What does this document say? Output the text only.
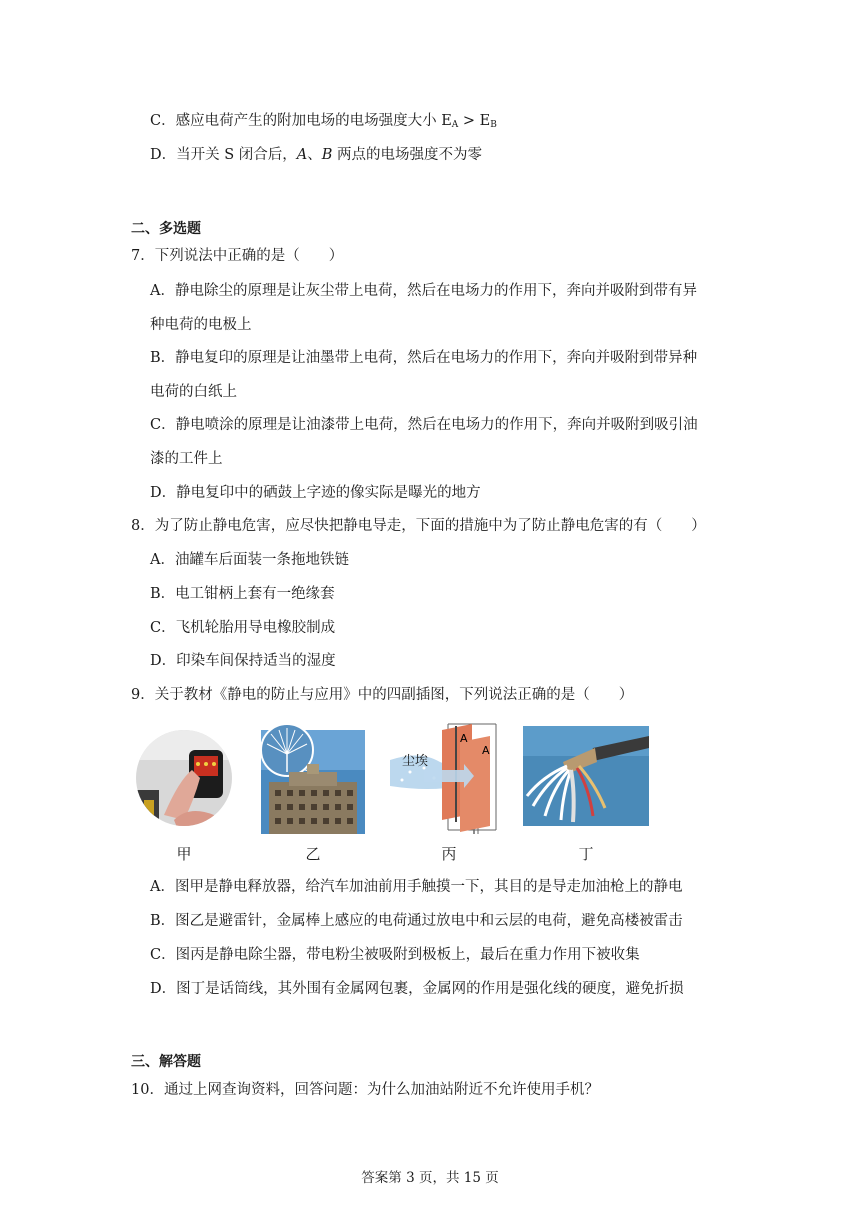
C．感应电荷产生的附加电场的电场强度大小 $E_A > E_B$
D．当开关 S 闭合后，A、B 两点的电场强度不为零
二、多选题
7．下列说法中正确的是（　　）
A．静电除尘的原理是让灰尘带上电荷，然后在电场力的作用下，奔向并吸附到带有异
种电荷的电极上
B．静电复印的原理是让油墨带上电荷，然后在电场力的作用下，奔向并吸附到带异种
电荷的白纸上
C．静电喷涂的原理是让油漆带上电荷，然后在电场力的作用下，奔向并吸附到吸引油
漆的工件上
D．静电复印中的硒鼓上字迹的像实际是曝光的地方
8．为了防止静电危害，应尽快把静电导走，下面的措施中为了防止静电危害的有（　　）
A．油罐车后面装一条拖地铁链
B．电工钳柄上套有一绝缘套
C．飞机轮胎用导电橡胶制成
D．印染车间保持适当的湿度
9．关于教材《静电的防止与应用》中的四副插图，下列说法正确的是（　　）
甲	乙
尘埃
A
A
丙	丁
A．图甲是静电释放器，给汽车加油前用手触摸一下，其目的是导走加油枪上的静电
B．图乙是避雷针，金属棒上感应的电荷通过放电中和云层的电荷，避免高楼被雷击
C．图丙是静电除尘器，带电粉尘被吸附到极板上，最后在重力作用下被收集
D．图丁是话筒线，其外围有金属网包裹，金属网的作用是强化线的硬度，避免折损
三、解答题
10．通过上网查询资料，回答问题：为什么加油站附近不允许使用手机？
答案第 3 页，共 15 页
